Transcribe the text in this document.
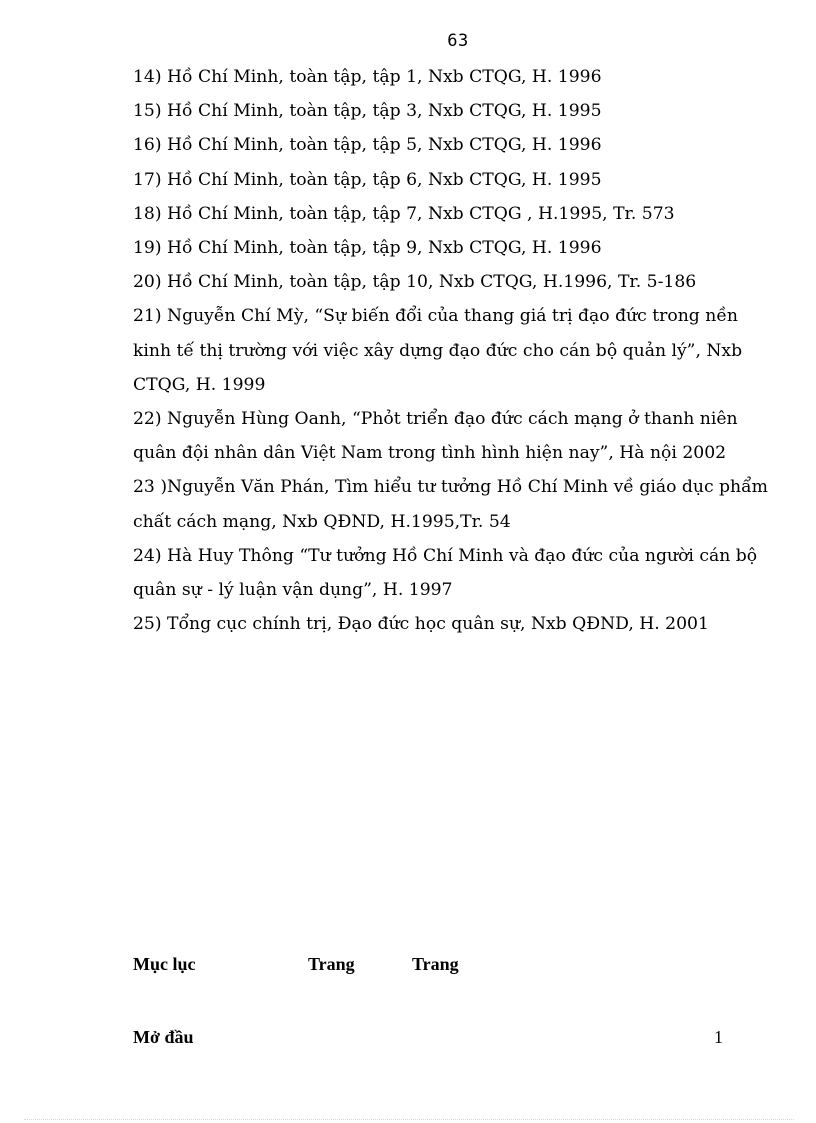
63

14) Hồ Chí Minh, toàn tập, tập 1, Nxb CTQG, H. 1996

15) Hồ Chí Minh, toàn tập, tập 3, Nxb CTQG, H. 1995

16) Hồ Chí Minh, toàn tập, tập 5, Nxb CTQG, H. 1996

17) Hồ Chí Minh, toàn tập, tập 6, Nxb CTQG, H. 1995

18) Hồ Chí Minh, toàn tập, tập 7, Nxb CTQG , H.1995, Tr. 573

19) Hồ Chí Minh, toàn tập, tập 9, Nxb CTQG, H. 1996

20) Hồ Chí Minh, toàn tập, tập 10, Nxb CTQG, H.1996, Tr. 5-186

21) Nguyễn Chí Mỳ, “Sự biến đổi của thang giá trị đạo đức trong nền kinh tế thị trường với việc xây dựng đạo đức cho cán bộ quản lý”, Nxb CTQG, H. 1999

22) Nguyễn Hùng Oanh, “Phỏt triển đạo đức cách mạng ở thanh niên quân đội nhân dân Việt Nam trong tình hình hiện nay”, Hà nội 2002

23 )Nguyễn Văn Phán, Tìm hiểu tư tưởng Hồ Chí Minh về giáo dục phẩm chất cách mạng, Nxb QĐND, H.1995,Tr. 54

24) Hà Huy Thông “Tư tưởng Hồ Chí Minh và đạo đức của người cán bộ quân sự - lý luận vận dụng”, H. 1997

25) Tổng cục chính trị, Đạo đức học quân sự, Nxb QĐND, H. 2001

Mục lục	Trang	Trang
Mở đầu	1
